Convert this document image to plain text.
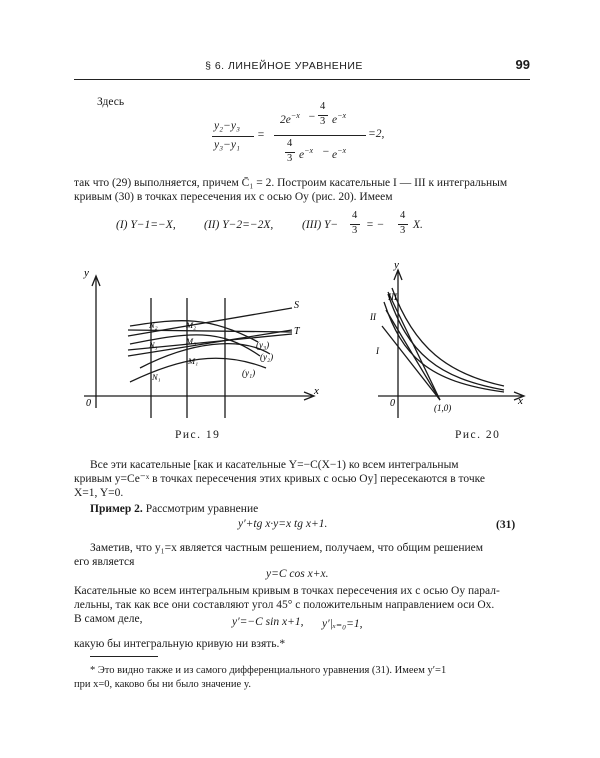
§ 6. ЛИНЕЙНОЕ УРАВНЕНИЕ	99
Здесь
y₂−y₃
y₃−y₁
=
$2e^{-x}$ −
4
3 $e^{-x}$
4
3 $e^{-x} - e^{-x}$
=2,
так что (29) выполняется, причем C̄₁ = 2. Построим касательные I — III к интегральным
кривым (30) в точках пересечения их с осью Oy (рис. 20). Имеем
(I) Y−1=−X, (II) Y−2=−2X, (III) Y−
4
3 = −
4
3 X.
y
x
0
S
T
(y₁)
(y₂)
(y₃)
N₁
N₂
N₃
M₁
M₂
M₃
Рис. 19
y
x
0
I
II
III
(1,0)
Рис. 20
Все эти касательные [как и касательные Y=−C(X−1) ко всем интегральным
кривым y=Ce⁻ˣ в точках пересечения этих кривых с осью Oy] пересекаются в точке
X=1, Y=0.
Пример 2. Рассмотрим уравнение
y′+tg x·y=x tg x+1.	(31)
Заметив, что y₁=x является частным решением, получаем, что общим решением
его является
y=C cos x+x.
Касательные ко всем интегральным кривым в точках пересечения их с осью Oy парал-
лельны, так как все они составляют угол 45° с положительным направлением оси Ox.
В самом деле,	y′=−C sin x+1, y′|ₓ₌₀=1,
какую бы интегральную кривую ни взять.*
* Это видно также и из самого дифференциального уравнения (31). Имеем y′=1
при x=0, каково бы ни было значение y.
